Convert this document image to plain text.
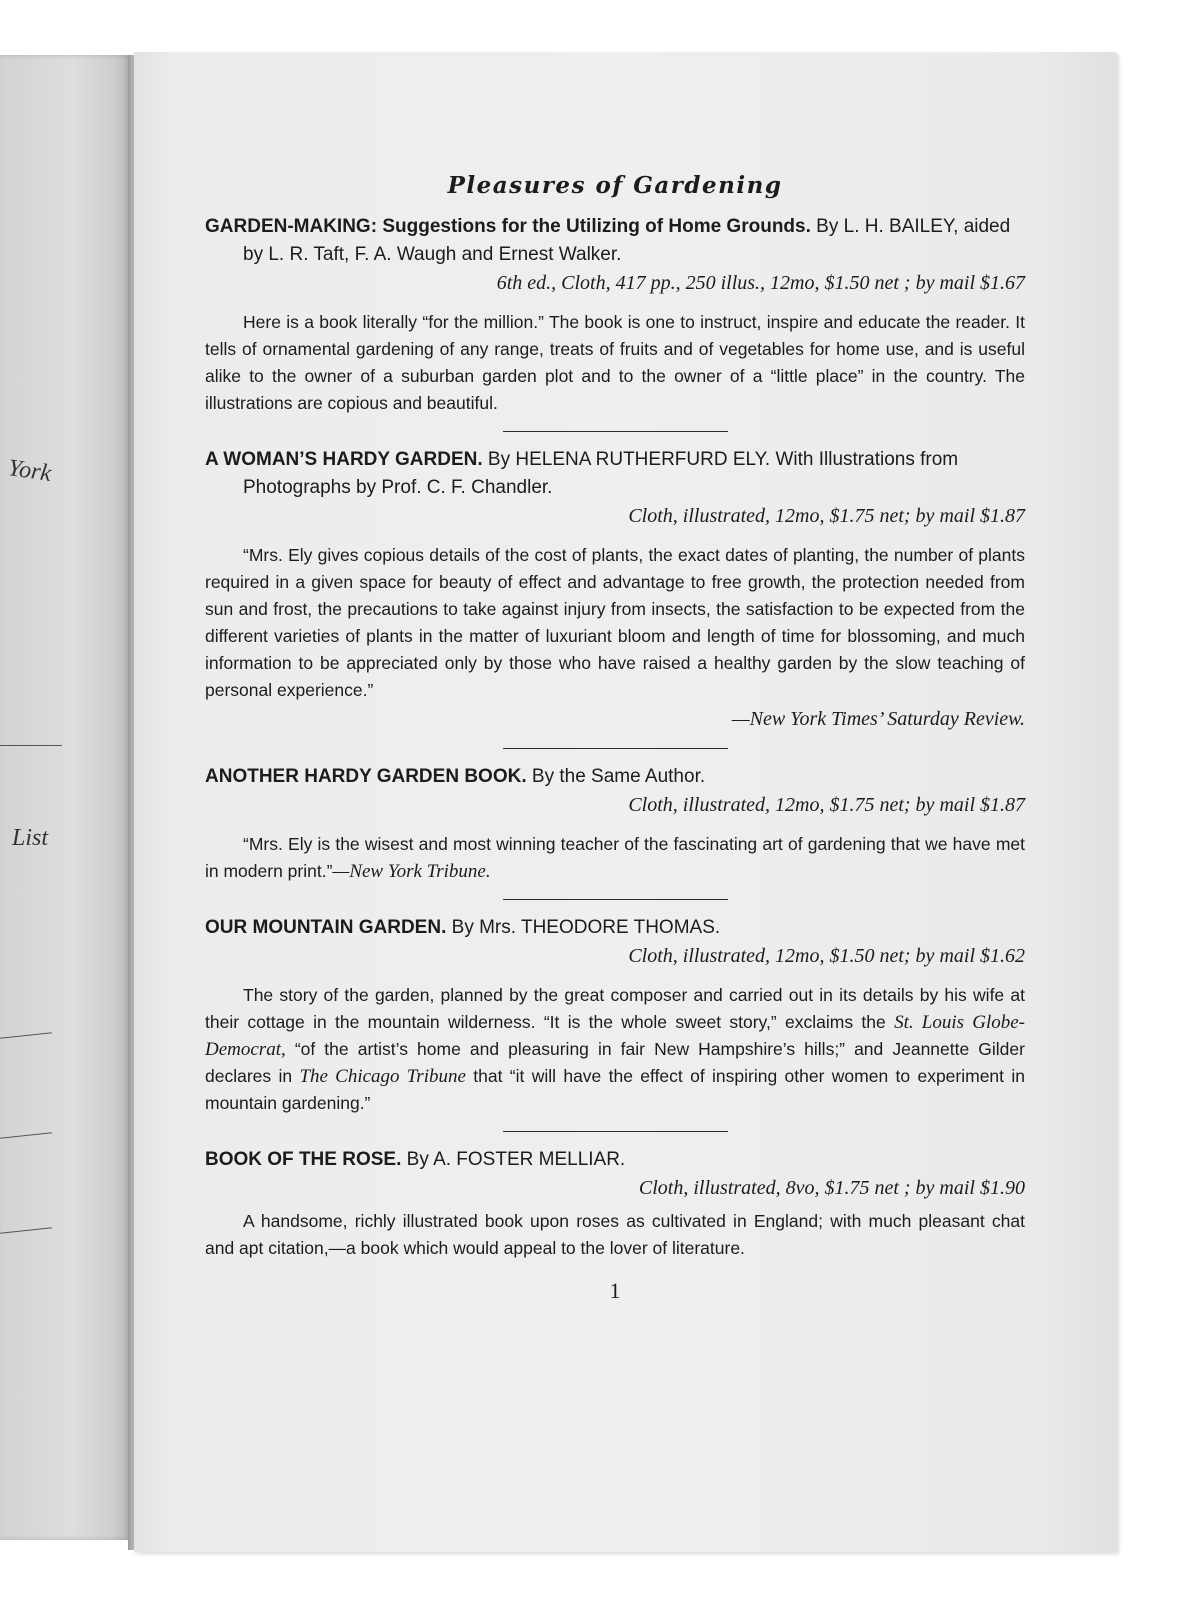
York
List
Pleasures of Gardening
GARDEN-MAKING: Suggestions for the Utilizing of Home Grounds. By L. H. BAILEY, aided by L. R. Taft, F. A. Waugh and Ernest Walker.
6th ed., Cloth, 417 pp., 250 illus., 12mo, $1.50 net ; by mail $1.67
Here is a book literally “for the million.” The book is one to instruct, inspire and educate the reader. It tells of ornamental gardening of any range, treats of fruits and of vegetables for home use, and is useful alike to the owner of a suburban garden plot and to the owner of a “little place” in the country. The illustrations are copious and beautiful.
A WOMAN’S HARDY GARDEN. By HELENA RUTHERFURD ELY. With Illustrations from Photographs by Prof. C. F. Chandler.
Cloth, illustrated, 12mo, $1.75 net; by mail $1.87
“Mrs. Ely gives copious details of the cost of plants, the exact dates of planting, the number of plants required in a given space for beauty of effect and advantage to free growth, the protection needed from sun and frost, the precautions to take against injury from insects, the satisfaction to be expected from the different varieties of plants in the matter of luxuriant bloom and length of time for blossoming, and much information to be appreciated only by those who have raised a healthy garden by the slow teaching of personal experience.”
—New York Times’ Saturday Review.
ANOTHER HARDY GARDEN BOOK. By the Same Author.
Cloth, illustrated, 12mo, $1.75 net; by mail $1.87
“Mrs. Ely is the wisest and most winning teacher of the fascinating art of gardening that we have met in modern print.”—New York Tribune.
OUR MOUNTAIN GARDEN. By Mrs. THEODORE THOMAS.
Cloth, illustrated, 12mo, $1.50 net; by mail $1.62
The story of the garden, planned by the great composer and carried out in its details by his wife at their cottage in the mountain wilderness. “It is the whole sweet story,” exclaims the St. Louis Globe-Democrat, “of the artist’s home and pleasuring in fair New Hampshire’s hills;” and Jeannette Gilder declares in The Chicago Tribune that “it will have the effect of inspiring other women to experiment in mountain gardening.”
BOOK OF THE ROSE. By A. FOSTER MELLIAR.
Cloth, illustrated, 8vo, $1.75 net ; by mail $1.90
A handsome, richly illustrated book upon roses as cultivated in England; with much pleasant chat and apt citation,—a book which would appeal to the lover of literature.
1
